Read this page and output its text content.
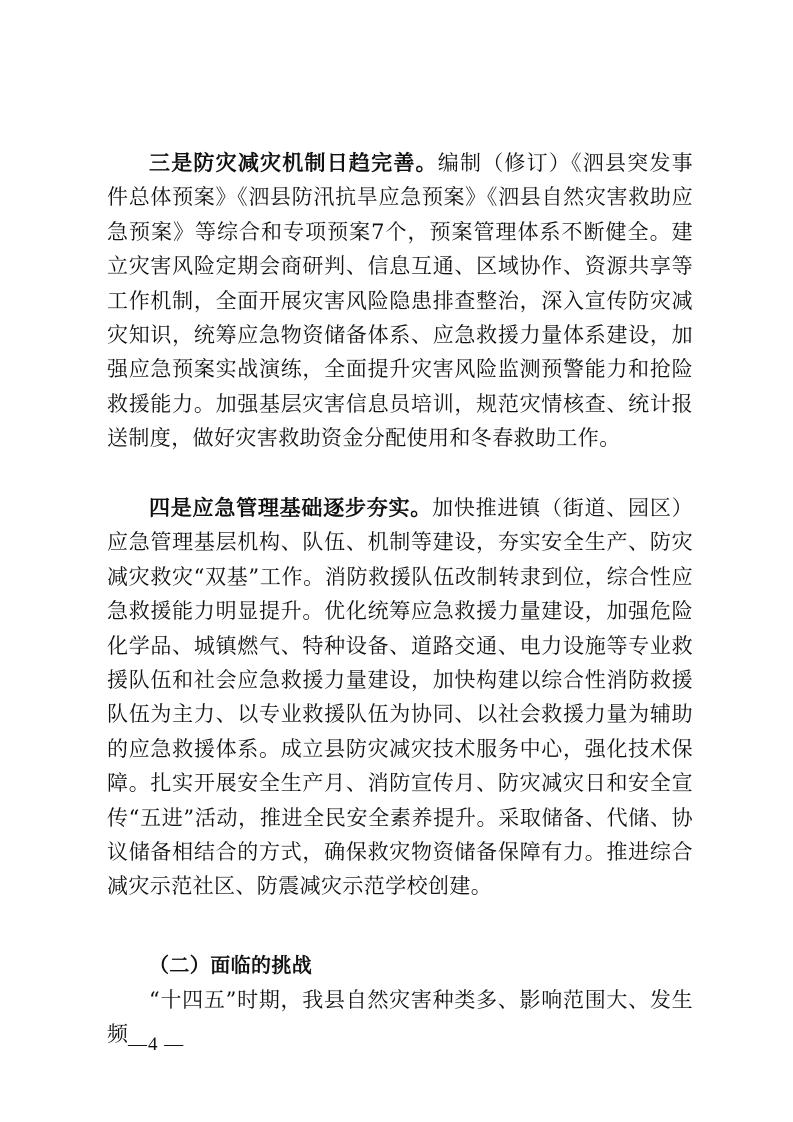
三是防灾减灾机制日趋完善。编制（修订）《泗县突发事件总体预案》《泗县防汛抗旱应急预案》《泗县自然灾害救助应急预案》等综合和专项预案7个，预案管理体系不断健全。建立灾害风险定期会商研判、信息互通、区域协作、资源共享等工作机制，全面开展灾害风险隐患排查整治，深入宣传防灾减灾知识，统筹应急物资储备体系、应急救援力量体系建设，加强应急预案实战演练，全面提升灾害风险监测预警能力和抢险救援能力。加强基层灾害信息员培训，规范灾情核查、统计报送制度，做好灾害救助资金分配使用和冬春救助工作。

四是应急管理基础逐步夯实。加快推进镇（街道、园区）应急管理基层机构、队伍、机制等建设，夯实安全生产、防灾减灾救灾“双基”工作。消防救援队伍改制转隶到位，综合性应急救援能力明显提升。优化统筹应急救援力量建设，加强危险化学品、城镇燃气、特种设备、道路交通、电力设施等专业救援队伍和社会应急救援力量建设，加快构建以综合性消防救援队伍为主力、以专业救援队伍为协同、以社会救援力量为辅助的应急救援体系。成立县防灾减灾技术服务中心，强化技术保障。扎实开展安全生产月、消防宣传月、防灾减灾日和安全宣传“五进”活动，推进全民安全素养提升。采取储备、代储、协议储备相结合的方式，确保救灾物资储备保障有力。推进综合减灾示范社区、防震减灾示范学校创建。

（二）面临的挑战

“十四五”时期，我县自然灾害种类多、影响范围大、发生频 —4 —
